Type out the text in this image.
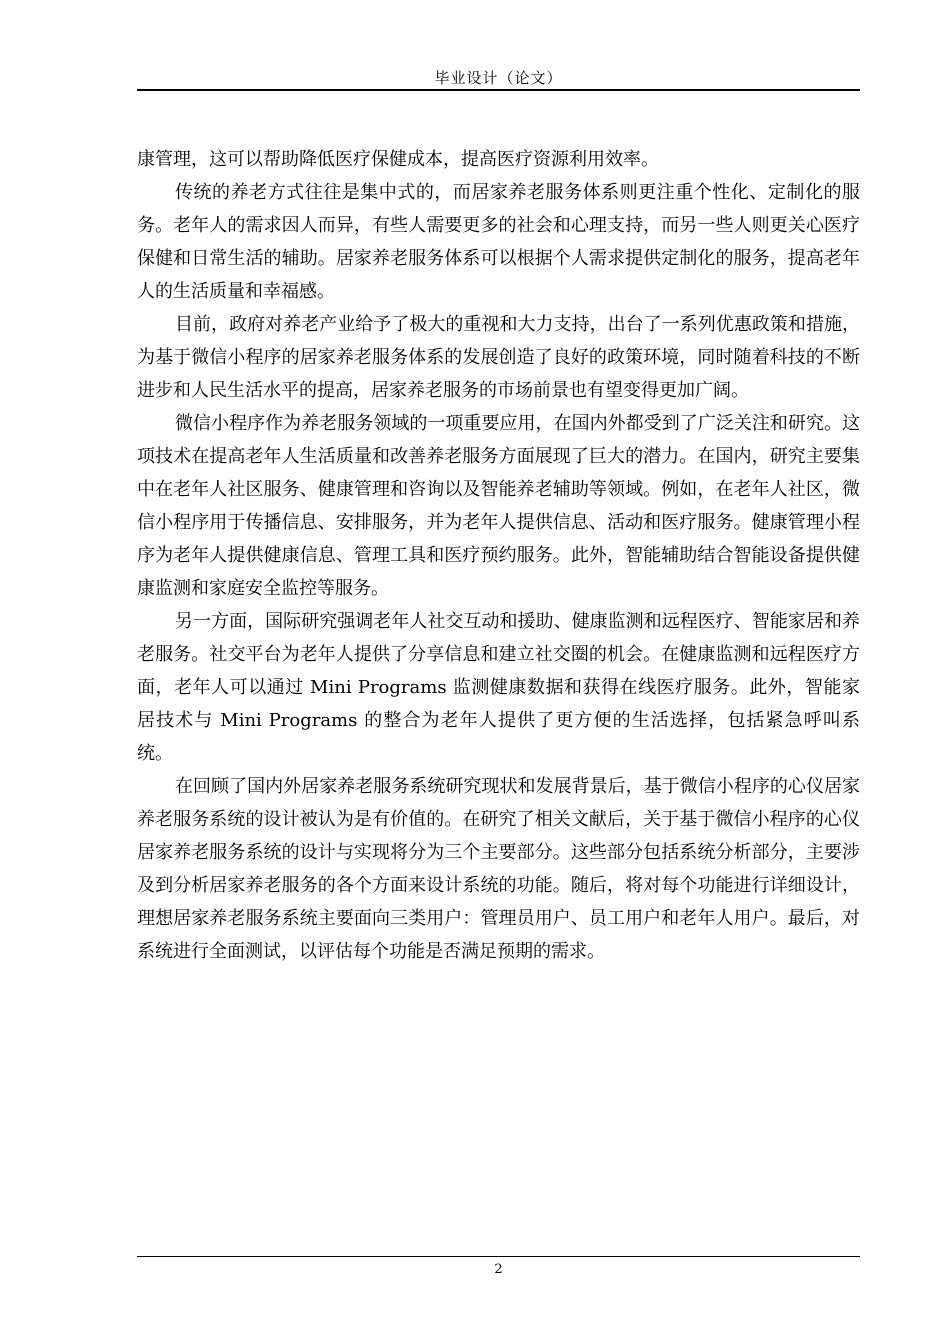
毕业设计（论文）

康管理，这可以帮助降低医疗保健成本，提高医疗资源利用效率。

传统的养老方式往往是集中式的，而居家养老服务体系则更注重个性化、定制化的服务。老年人的需求因人而异，有些人需要更多的社会和心理支持，而另一些人则更关心医疗保健和日常生活的辅助。居家养老服务体系可以根据个人需求提供定制化的服务，提高老年人的生活质量和幸福感。

目前，政府对养老产业给予了极大的重视和大力支持，出台了一系列优惠政策和措施，为基于微信小程序的居家养老服务体系的发展创造了良好的政策环境，同时随着科技的不断进步和人民生活水平的提高，居家养老服务的市场前景也有望变得更加广阔。

微信小程序作为养老服务领域的一项重要应用，在国内外都受到了广泛关注和研究。这项技术在提高老年人生活质量和改善养老服务方面展现了巨大的潜力。在国内，研究主要集中在老年人社区服务、健康管理和咨询以及智能养老辅助等领域。例如，在老年人社区，微信小程序用于传播信息、安排服务，并为老年人提供信息、活动和医疗服务。健康管理小程序为老年人提供健康信息、管理工具和医疗预约服务。此外，智能辅助结合智能设备提供健康监测和家庭安全监控等服务。

另一方面，国际研究强调老年人社交互动和援助、健康监测和远程医疗、智能家居和养老服务。社交平台为老年人提供了分享信息和建立社交圈的机会。在健康监测和远程医疗方面，老年人可以通过 Mini Programs 监测健康数据和获得在线医疗服务。此外，智能家居技术与 Mini Programs 的整合为老年人提供了更方便的生活选择，包括紧急呼叫系统。

在回顾了国内外居家养老服务系统研究现状和发展背景后，基于微信小程序的心仪居家养老服务系统的设计被认为是有价值的。在研究了相关文献后，关于基于微信小程序的心仪居家养老服务系统的设计与实现将分为三个主要部分。这些部分包括系统分析部分，主要涉及到分析居家养老服务的各个方面来设计系统的功能。随后，将对每个功能进行详细设计，理想居家养老服务系统主要面向三类用户：管理员用户、员工用户和老年人用户。最后，对系统进行全面测试，以评估每个功能是否满足预期的需求。

2
